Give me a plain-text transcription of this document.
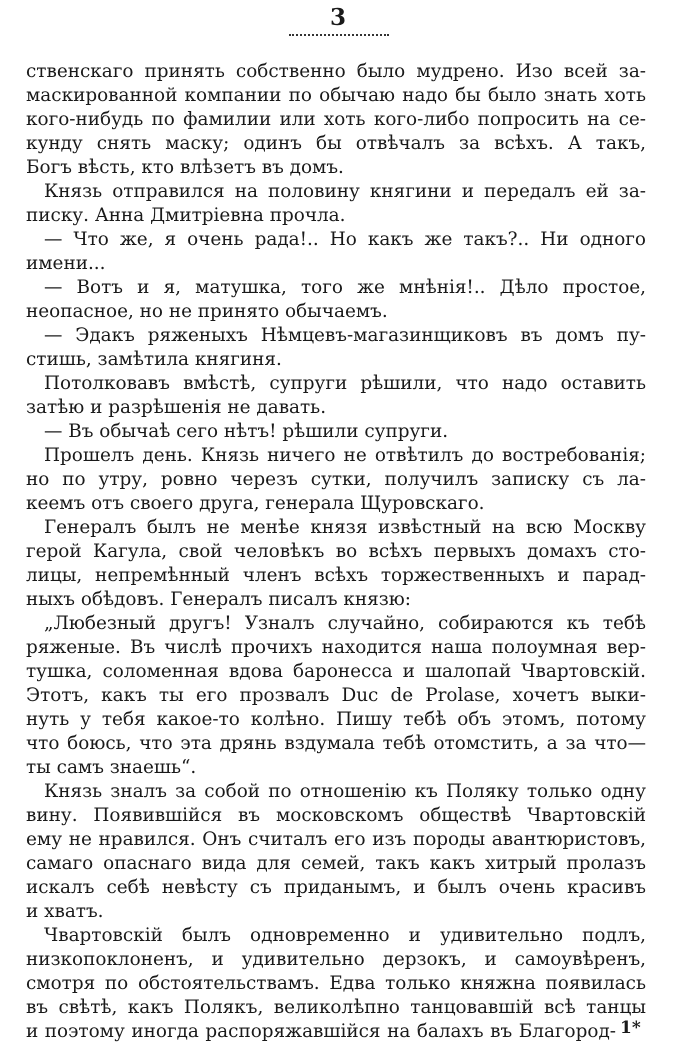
3
ственскаго принять собственно было мудрено. Изо всей за-
маскированной компании по обычаю надо бы было знать хоть
кого-нибудь по фамилии или хоть кого-либо попросить на се-
кунду снять маску; одинъ бы отвѣчалъ за всѣхъ. А такъ,
Богъ вѣсть, кто влѣзетъ въ домъ.
Князь отправился на половину княгини и передалъ ей за-
писку. Анна Дмитріевна прочла.
— Что же, я очень рада!.. Но какъ же такъ?.. Ни одного
имени...
— Вотъ и я, матушка, того же мнѣнія!.. Дѣло простое,
неопасное, но не принято обычаемъ.
— Эдакъ ряженыхъ Нѣмцевъ-магазинщиковъ въ домъ пу-
стишь, замѣтила княгиня.
Потолковавъ вмѣстѣ, супруги рѣшили, что надо оставить
затѣю и разрѣшенія не давать.
— Въ обычаѣ сего нѣтъ! рѣшили супруги.
Прошелъ день. Князь ничего не отвѣтилъ до востребованія;
но по утру, ровно черезъ сутки, получилъ записку съ ла-
кеемъ отъ своего друга, генерала Щуровскаго.
Генералъ былъ не менѣе князя извѣстный на всю Москву
герой Кагула, свой человѣкъ во всѣхъ первыхъ домахъ сто-
лицы, непремѣнный членъ всѣхъ торжественныхъ и парад-
ныхъ обѣдовъ. Генералъ писалъ князю:
„Любезный другъ! Узналъ случайно, собираются къ тебѣ
ряженые. Въ числѣ прочихъ находится наша полоумная вер-
тушка, соломенная вдова баронесса и шалопай Чвартовскій.
Этотъ, какъ ты его прозвалъ Duc de Prolase, хочетъ выки-
нуть у тебя какое-то колѣно. Пишу тебѣ объ этомъ, потому
что боюсь, что эта дрянь вздумала тебѣ отомстить, а за что—
ты самъ знаешь“.
Князь зналъ за собой по отношенію къ Поляку только одну
вину. Появившійся въ московскомъ обществѣ Чвартовскій
ему не нравился. Онъ считалъ его изъ породы авантюристовъ,
самаго опаснаго вида для семей, такъ какъ хитрый пролазъ
искалъ себѣ невѣсту съ приданымъ, и былъ очень красивъ
и хватъ.
Чвартовскій былъ одновременно и удивительно подлъ,
низкопоклоненъ, и удивительно дерзокъ, и самоувѣренъ,
смотря по обстоятельствамъ. Едва только княжна появилась
въ свѣтѣ, какъ Полякъ, великолѣпно танцовавшій всѣ танцы
и поэтому иногда распоряжавшійся на балахъ въ Благород- 1*
